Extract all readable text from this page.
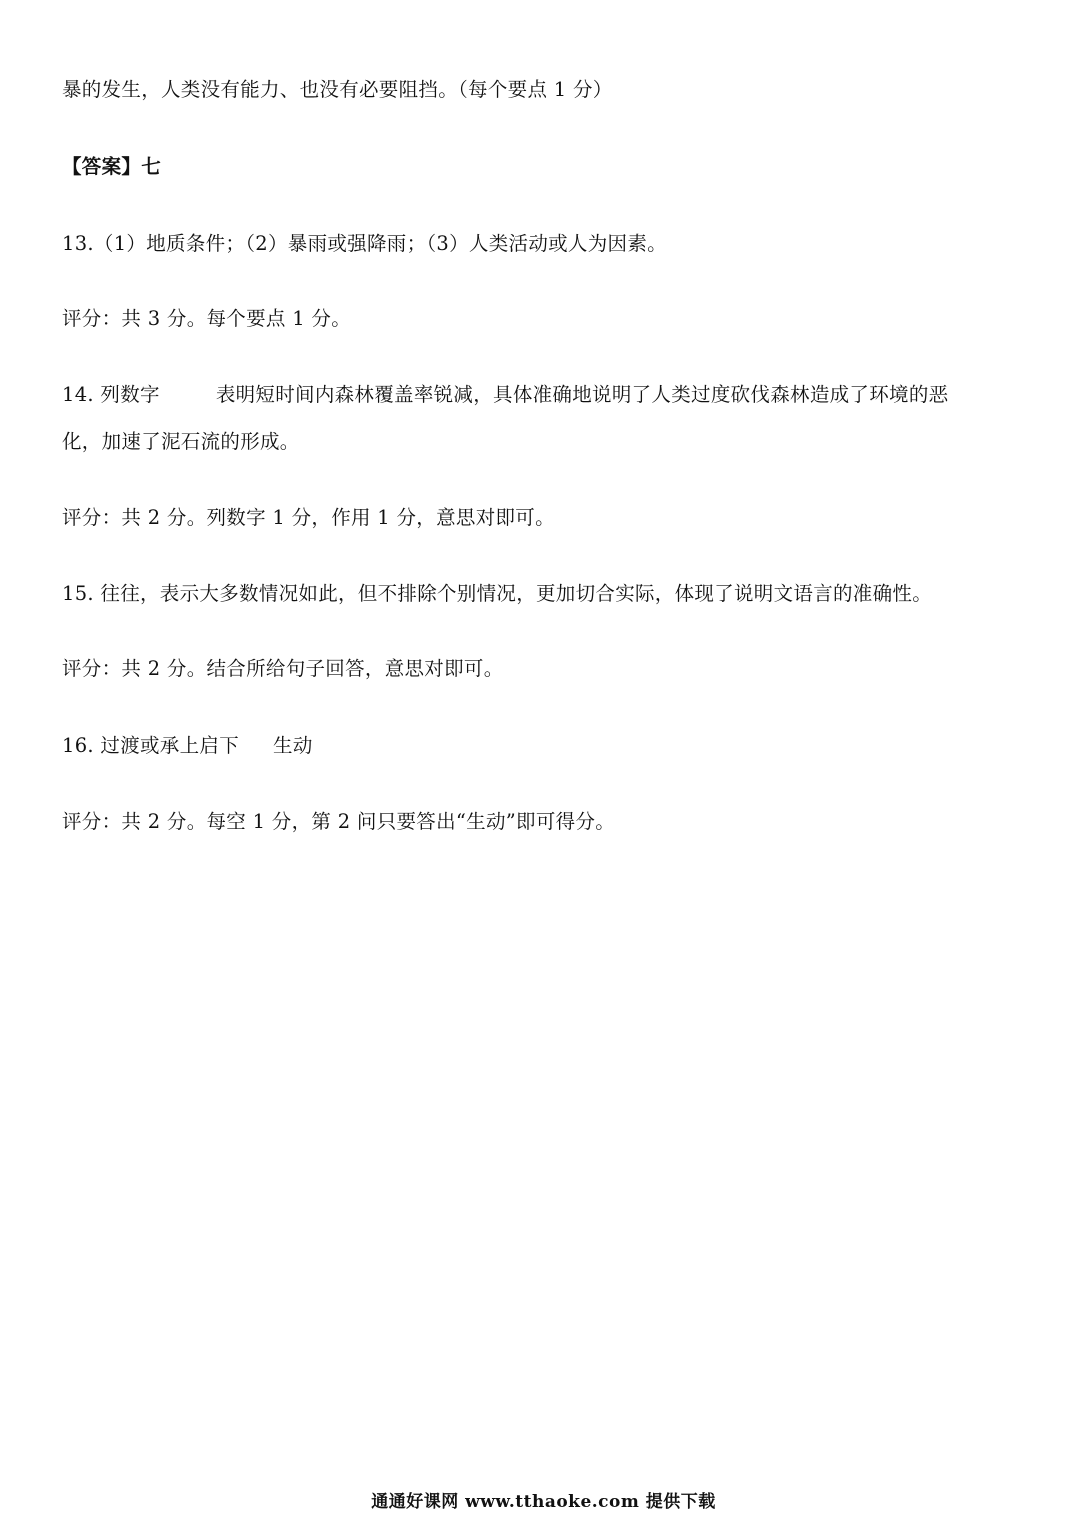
暴的发生，人类没有能力、也没有必要阻挡。（每个要点 1 分）
【答案】七
13.（1）地质条件；（2）暴雨或强降雨；（3）人类活动或人为因素。
评分：共 3 分。每个要点 1 分。
14. 列数字	表明短时间内森林覆盖率锐减，具体准确地说明了人类过度砍伐森林造成了环境的恶
化，加速了泥石流的形成。
评分：共 2 分。列数字 1 分，作用 1 分，意思对即可。
15. 往往，表示大多数情况如此，但不排除个别情况，更加切合实际，体现了说明文语言的准确性。
评分：共 2 分。结合所给句子回答，意思对即可。
16. 过渡或承上启下 生动
评分：共 2 分。每空 1 分，第 2 问只要答出“生动”即可得分。
通通好课网 www.tthaoke.com 提供下载
